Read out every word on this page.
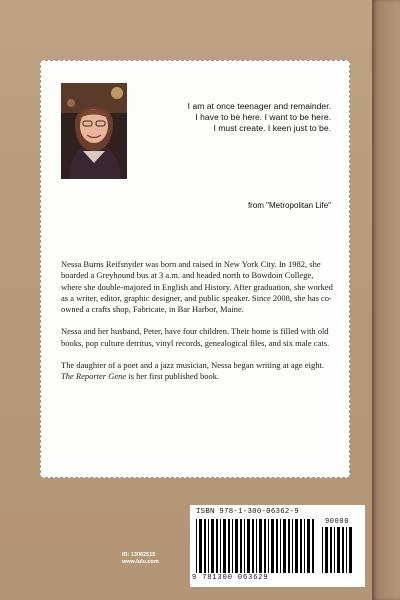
I am at once teenager and remainder.
I have to be here. I want to be here.
I must create. I keen just to be.
from "Metropolitan Life"

Nessa Burns Reifsnyder was born and raised in New York City. In 1982, she boarded a Greyhound bus at 3 a.m. and headed north to Bowdoin College, where she double-majored in English and History. After graduation, she worked as a writer, editor, graphic designer, and public speaker. Since 2008, she has co-owned a crafts shop, Fabricate, in Bar Harbor, Maine.

Nessa and her husband, Peter, have four children. Their home is filled with old books, pop culture detritus, vinyl records, genealogical files, and six male cats.

The daughter of a poet and a jazz musician, Nessa began writing at age eight. The Reporter Gene is her first published book.

ID: 13062515
www.lulu.com
ISBN 978-1-300-06362-9
90000
9 781300 063629
